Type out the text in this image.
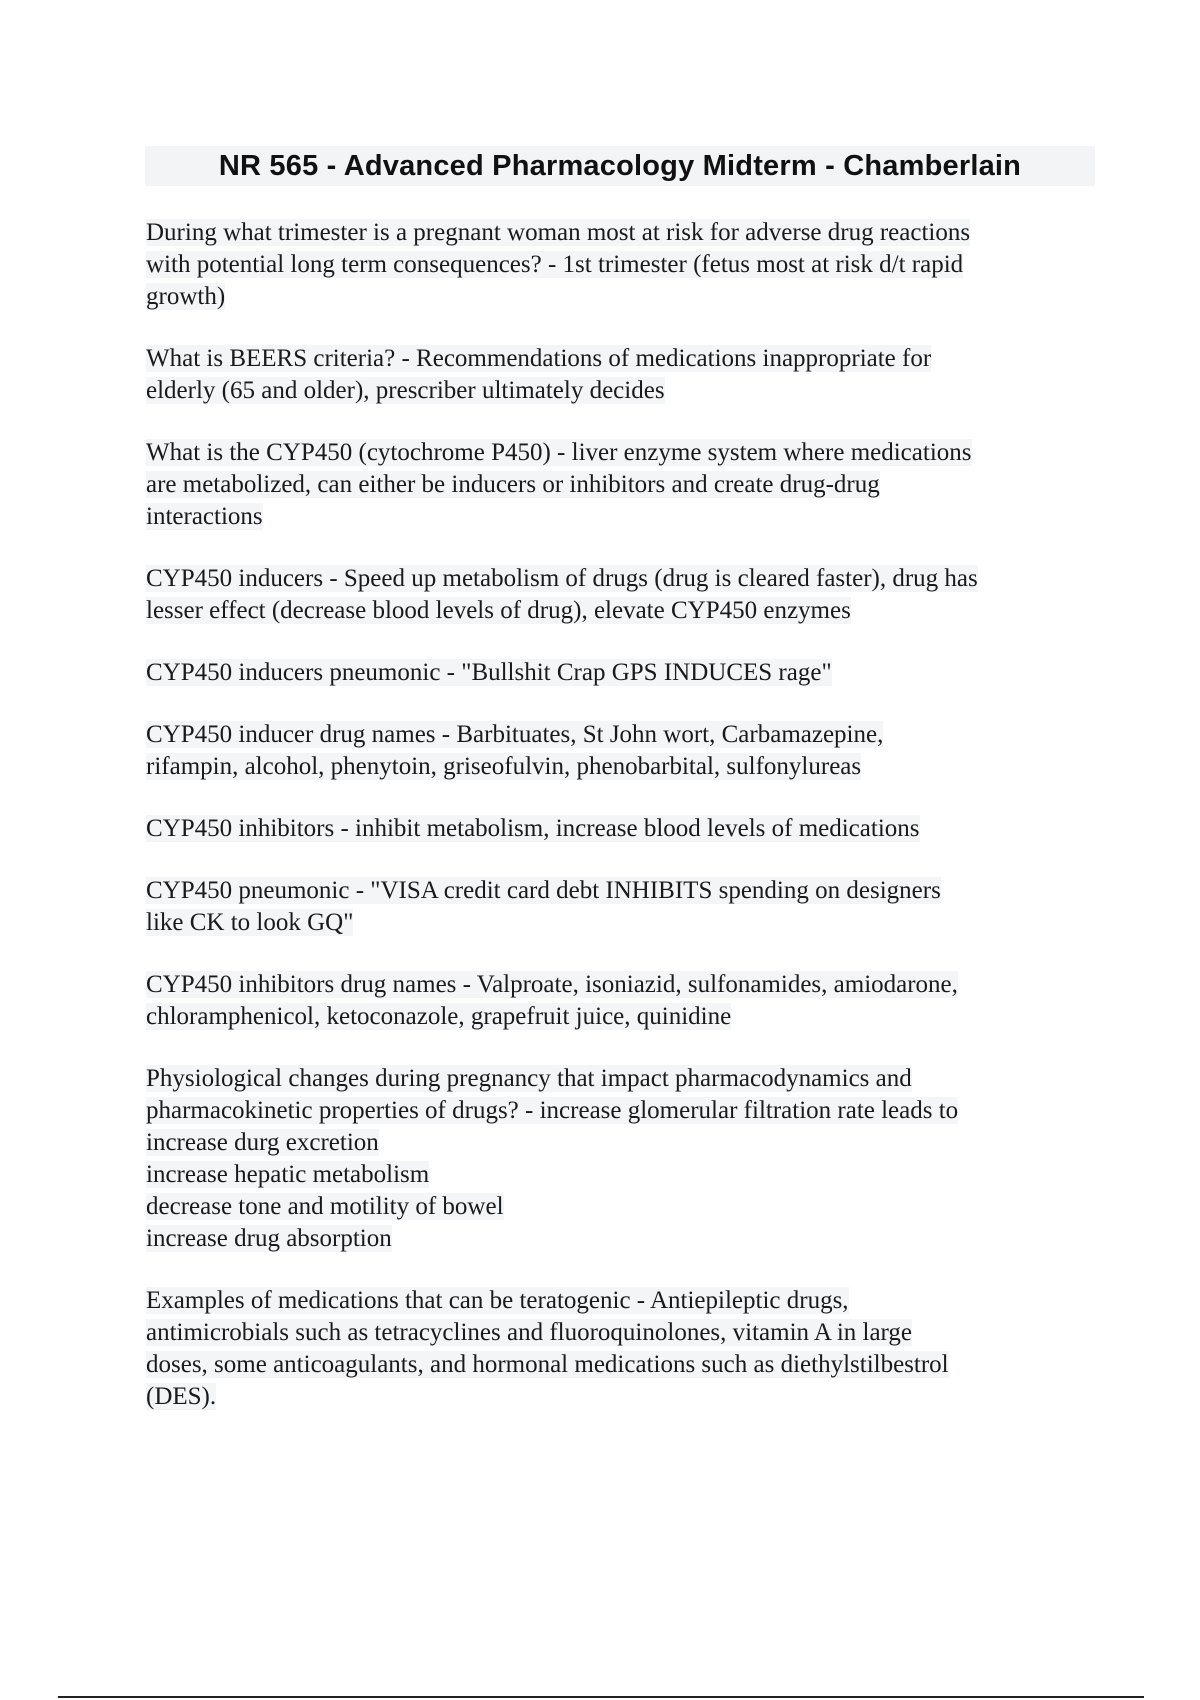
NR 565 - Advanced Pharmacology Midterm - Chamberlain
During what trimester is a pregnant woman most at risk for adverse drug reactions
with potential long term consequences? - 1st trimester (fetus most at risk d/t rapid
growth)
What is BEERS criteria? - Recommendations of medications inappropriate for
elderly (65 and older), prescriber ultimately decides
What is the CYP450 (cytochrome P450) - liver enzyme system where medications
are metabolized, can either be inducers or inhibitors and create drug-drug
interactions
CYP450 inducers - Speed up metabolism of drugs (drug is cleared faster), drug has
lesser effect (decrease blood levels of drug), elevate CYP450 enzymes
CYP450 inducers pneumonic - "Bullshit Crap GPS INDUCES rage"
CYP450 inducer drug names - Barbituates, St John wort, Carbamazepine,
rifampin, alcohol, phenytoin, griseofulvin, phenobarbital, sulfonylureas
CYP450 inhibitors - inhibit metabolism, increase blood levels of medications
CYP450 pneumonic - "VISA credit card debt INHIBITS spending on designers
like CK to look GQ"
CYP450 inhibitors drug names - Valproate, isoniazid, sulfonamides, amiodarone,
chloramphenicol, ketoconazole, grapefruit juice, quinidine
Physiological changes during pregnancy that impact pharmacodynamics and
pharmacokinetic properties of drugs? - increase glomerular filtration rate leads to
increase durg excretion
increase hepatic metabolism
decrease tone and motility of bowel
increase drug absorption
Examples of medications that can be teratogenic - Antiepileptic drugs,
antimicrobials such as tetracyclines and fluoroquinolones, vitamin A in large
doses, some anticoagulants, and hormonal medications such as diethylstilbestrol
(DES).
